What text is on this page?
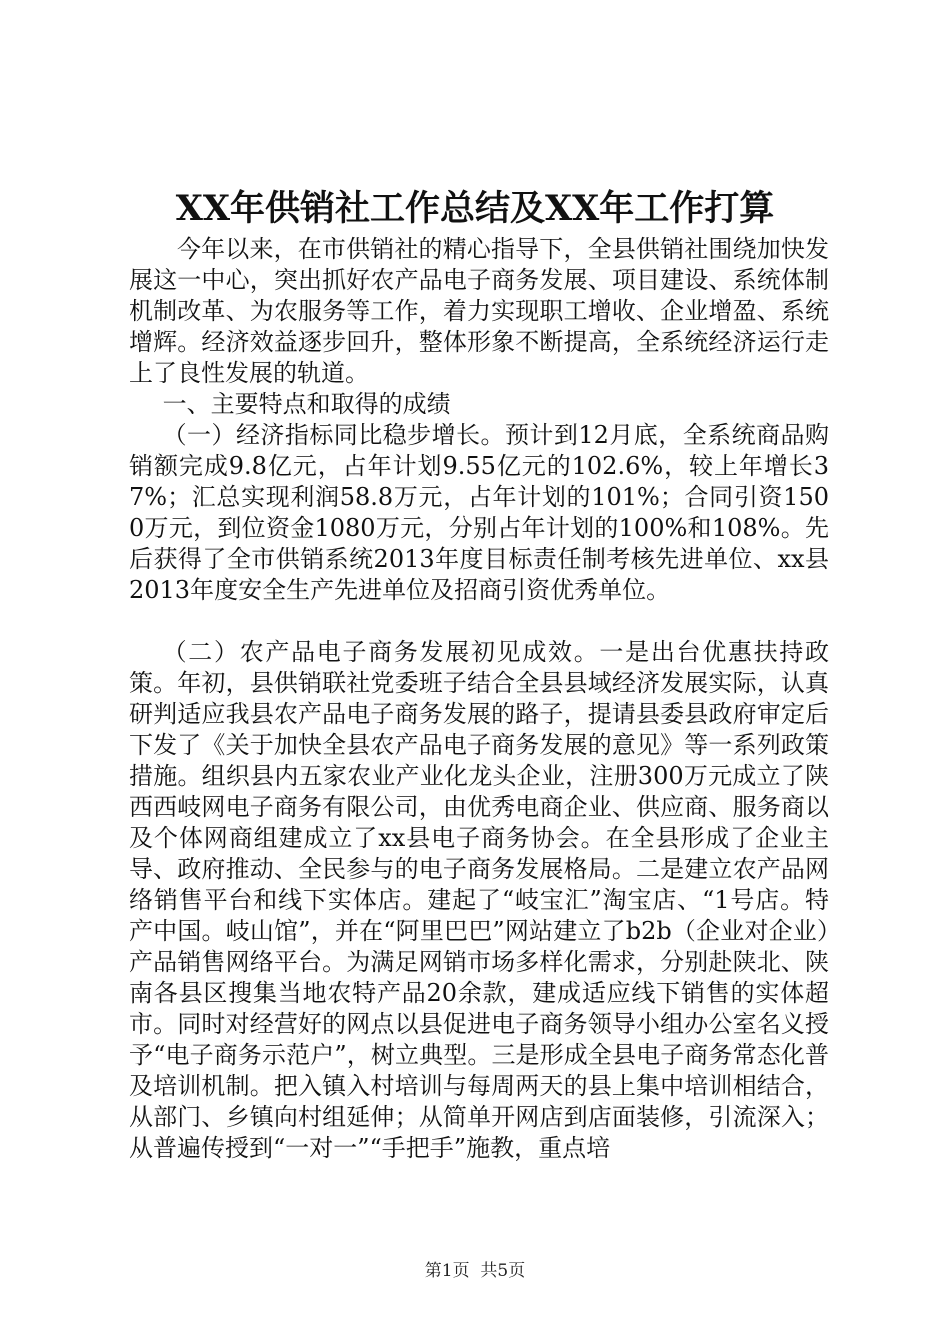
XX年供销社工作总结及XX年工作打算

今年以来，在市供销社的精心指导下，全县供销社围绕加快发展这一中心，突出抓好农产品电子商务发展、项目建设、系统体制机制改革、为农服务等工作，着力实现职工增收、企业增盈、系统增辉。经济效益逐步回升，整体形象不断提高，全系统经济运行走上了良性发展的轨道。

一、主要特点和取得的成绩

（一）经济指标同比稳步增长。预计到12月底，全系统商品购销额完成9.8亿元，占年计划9.55亿元的102.6%，较上年增长37%；汇总实现利润58.8万元，占年计划的101%；合同引资1500万元，到位资金1080万元，分别占年计划的100%和108%。先后获得了全市供销系统2013年度目标责任制考核先进单位、xx县2013年度安全生产先进单位及招商引资优秀单位。

（二）农产品电子商务发展初见成效。一是出台优惠扶持政策。年初，县供销联社党委班子结合全县县域经济发展实际，认真研判适应我县农产品电子商务发展的路子，提请县委县政府审定后下发了《关于加快全县农产品电子商务发展的意见》等一系列政策措施。组织县内五家农业产业化龙头企业，注册300万元成立了陕西西岐网电子商务有限公司，由优秀电商企业、供应商、服务商以及个体网商组建成立了xx县电子商务协会。在全县形成了企业主导、政府推动、全民参与的电子商务发展格局。二是建立农产品网络销售平台和线下实体店。建起了“岐宝汇”淘宝店、“1号店。特产中国。岐山馆”，并在“阿里巴巴”网站建立了b2b（企业对企业）产品销售网络平台。为满足网销市场多样化需求，分别赴陕北、陕南各县区搜集当地农特产品20余款，建成适应线下销售的实体超市。同时对经营好的网点以县促进电子商务领导小组办公室名义授予“电子商务示范户”，树立典型。三是形成全县电子商务常态化普及培训机制。把入镇入村培训与每周两天的县上集中培训相结合，从部门、乡镇向村组延伸；从简单开网店到店面装修，引流深入；从普遍传授到“一对一”“手把手”施教，重点培

第1页  共5页
